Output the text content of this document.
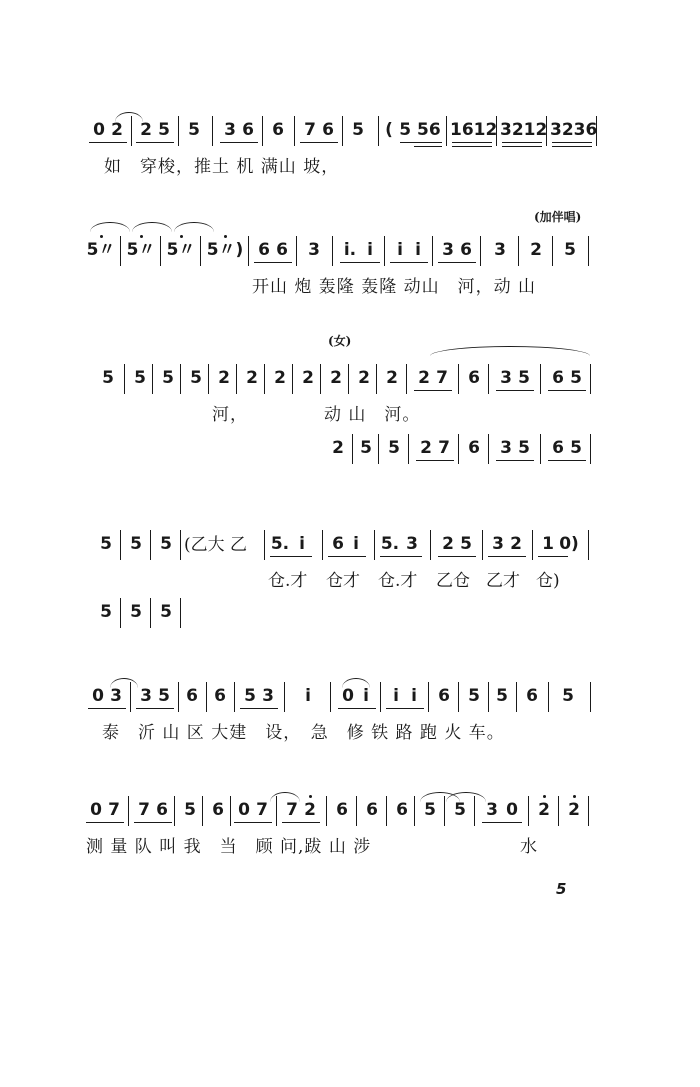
0 2	2 5	5	3 6	6	7 6	5	( 5 56 1612 3212 3236
如　穿梭，推土 机 满山 坡，
(加伴唱)
5〃 5〃 5〃 5〃) 6 6	3	i. i	i i	3 6	3	2	5
开山 炮 轰隆 轰隆 动山　河，动 山
(女)
5	5 5 5 2 2 2 2 2 2 2	2 7	6	3 5	6 5
河，	动 山　河。
2 5 5	2 7	6	3 5	6 5
5	5	5 (乙大 乙 5. i	6 i	5. 3	2 5	3 2	1 0)
仓.才 仓才 仓.才 乙仓 乙才 仓)
5	5	5
0 3	3 5 6 6	5 3	i	0 i	i i	6	5 5	6	5
泰　沂 山 区 大建　设，　急　修 铁 路 跑 火 车。
0 7	7 6 5 6 0 7	7 2	6	6	6 5	5	3 0	2	2
测 量 队 叫 我　当　顾 问,跋 山 涉	水
5
